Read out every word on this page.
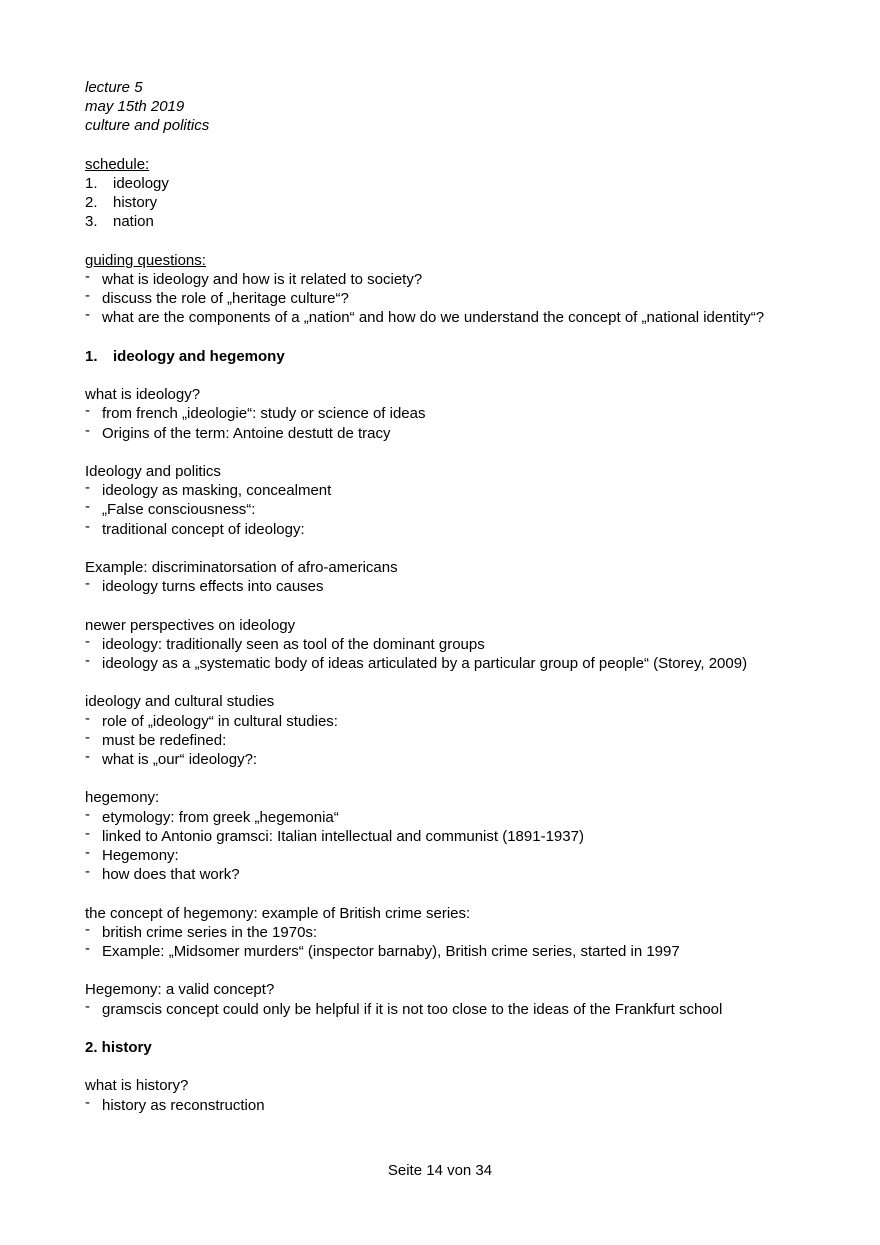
lecture 5
may 15th 2019
culture and politics
schedule:
1. ideology
2. history
3. nation
guiding questions:
- what is ideology and how is it related to society?
- discuss the role of „heritage culture“?
- what are the components of a „nation“ and how do we understand the concept of „national identity“?
1. ideology and hegemony
what is ideology?
- from french „ideologie“: study or science of ideas
- Origins of the term: Antoine destutt de tracy
Ideology and politics
- ideology as masking, concealment
- „False consciousness“:
- traditional concept of ideology:
Example: discriminatorsation of afro-americans
- ideology turns effects into causes
newer perspectives on ideology
- ideology: traditionally seen as tool of the dominant groups
- ideology as a „systematic body of ideas articulated by a particular group of people“ (Storey, 2009)
ideology and cultural studies
- role of „ideology“ in cultural studies:
- must be redefined:
- what is „our“ ideology?:
hegemony:
- etymology: from greek „hegemonia“
- linked to Antonio gramsci: Italian intellectual and communist (1891-1937)
- Hegemony:
- how does that work?
the concept of hegemony: example of British crime series:
- british crime series in the 1970s:
- Example: „Midsomer murders“ (inspector barnaby), British crime series, started in 1997
Hegemony: a valid concept?
- gramscis concept could only be helpful if it is not too close to the ideas of the Frankfurt school
2. history
what is history?
- history as reconstruction
Seite 14 von 34
